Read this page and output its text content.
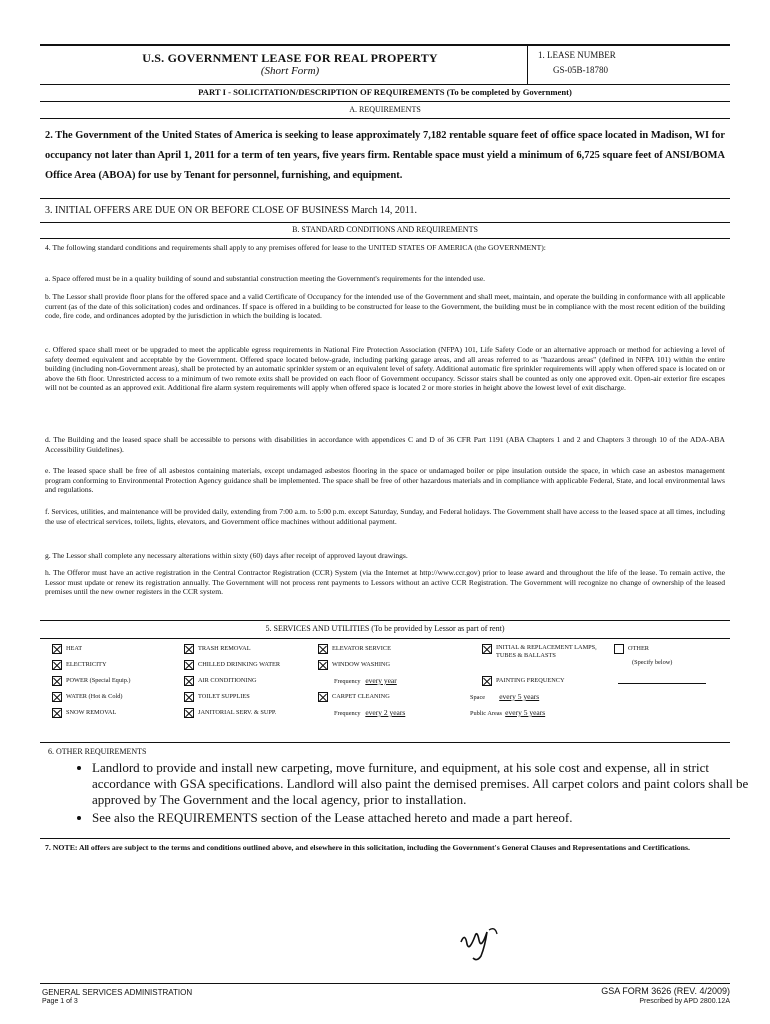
U.S. GOVERNMENT LEASE FOR REAL PROPERTY
(Short Form)
1. LEASE NUMBER
GS-05B-18780
PART I - SOLICITATION/DESCRIPTION OF REQUIREMENTS (To be completed by Government)
A. REQUIREMENTS
2. The Government of the United States of America is seeking to lease approximately 7,182 rentable square feet of office space located in Madison, WI for occupancy not later than April 1, 2011 for a term of ten years, five years firm. Rentable space must yield a minimum of 6,725 square feet of ANSI/BOMA Office Area (ABOA) for use by Tenant for personnel, furnishing, and equipment.
3. INITIAL OFFERS ARE DUE ON OR BEFORE CLOSE OF BUSINESS March 14, 2011.
B. STANDARD CONDITIONS AND REQUIREMENTS
4. The following standard conditions and requirements shall apply to any premises offered for lease to the UNITED STATES OF AMERICA (the GOVERNMENT):
a. Space offered must be in a quality building of sound and substantial construction meeting the Government's requirements for the intended use.
b. The Lessor shall provide floor plans for the offered space and a valid Certificate of Occupancy for the intended use of the Government and shall meet, maintain, and operate the building in conformance with all applicable current (as of the date of this solicitation) codes and ordinances. If space is offered in a building to be constructed for lease to the Government, the building must be in compliance with the most recent edition of the building code, fire code, and ordinances adopted by the jurisdiction in which the building is located.
c. Offered space shall meet or be upgraded to meet the applicable egress requirements in National Fire Protection Association (NFPA) 101, Life Safety Code or an alternative approach or method for achieving a level of safety deemed equivalent and acceptable by the Government. Offered space located below-grade, including parking garage areas, and all areas referred to as "hazardous areas" (defined in NFPA 101) within the entire building (including non-Government areas), shall be protected by an automatic sprinkler system or an equivalent level of safety. Additional automatic fire sprinkler requirements will apply when offered space is located on or above the 6th floor. Unrestricted access to a minimum of two remote exits shall be provided on each floor of Government occupancy. Scissor stairs shall be counted as only one approved exit. Open-air exterior fire escapes will not be counted as an approved exit. Additional fire alarm system requirements will apply when offered space is located 2 or more stories in height above the lowest level of exit discharge.
d. The Building and the leased space shall be accessible to persons with disabilities in accordance with appendices C and D of 36 CFR Part 1191 (ABA Chapters 1 and 2 and Chapters 3 through 10 of the ADA-ABA Accessibility Guidelines).
e. The leased space shall be free of all asbestos containing materials, except undamaged asbestos flooring in the space or undamaged boiler or pipe insulation outside the space, in which case an asbestos management program conforming to Environmental Protection Agency guidance shall be implemented. The space shall be free of other hazardous materials and in compliance with applicable Federal, State, and local environmental laws and regulations.
f. Services, utilities, and maintenance will be provided daily, extending from 7:00 a.m. to 5:00 p.m. except Saturday, Sunday, and Federal holidays. The Government shall have access to the leased space at all times, including the use of electrical services, toilets, lights, elevators, and Government office machines without additional payment.
g. The Lessor shall complete any necessary alterations within sixty (60) days after receipt of approved layout drawings.
h. The Offeror must have an active registration in the Central Contractor Registration (CCR) System (via the Internet at http://www.ccr.gov) prior to lease award and throughout the life of the lease. To remain active, the Lessor must update or renew its registration annually. The Government will not process rent payments to Lessors without an active CCR Registration. The Government will recognize no change of ownership of the leased premises until the new owner registers in the CCR system.
5. SERVICES AND UTILITIES (To be provided by Lessor as part of rent)
HEAT
ELECTRICITY
POWER (Special Equip.)
WATER (Hot & Cold)
SNOW REMOVAL
TRASH REMOVAL
CHILLED DRINKING WATER
AIR CONDITIONING
TOILET SUPPLIES
JANITORIAL SERV. & SUPP.
ELEVATOR SERVICE
WINDOW WASHING
Frequency every year
CARPET CLEANING
Frequency every 2 years
INITIAL & REPLACEMENT LAMPS, TUBES & BALLASTS
PAINTING FREQUENCY
Space every 5 years
Public Areas every 5 years
OTHER
(Specify below)
6. OTHER REQUIREMENTS
• Landlord to provide and install new carpeting, move furniture, and equipment, at his sole cost and expense, all in strict accordance with GSA specifications. Landlord will also paint the demised premises. All carpet colors and paint colors shall be approved by The Government and the local agency, prior to installation.
• See also the REQUIREMENTS section of the Lease attached hereto and made a part hereof.
7. NOTE: All offers are subject to the terms and conditions outlined above, and elsewhere in this solicitation, including the Government's General Clauses and Representations and Certifications.
GENERAL SERVICES ADMINISTRATION
Page 1 of 3
GSA FORM 3626 (REV. 4/2009)
Prescribed by APD 2800.12A
